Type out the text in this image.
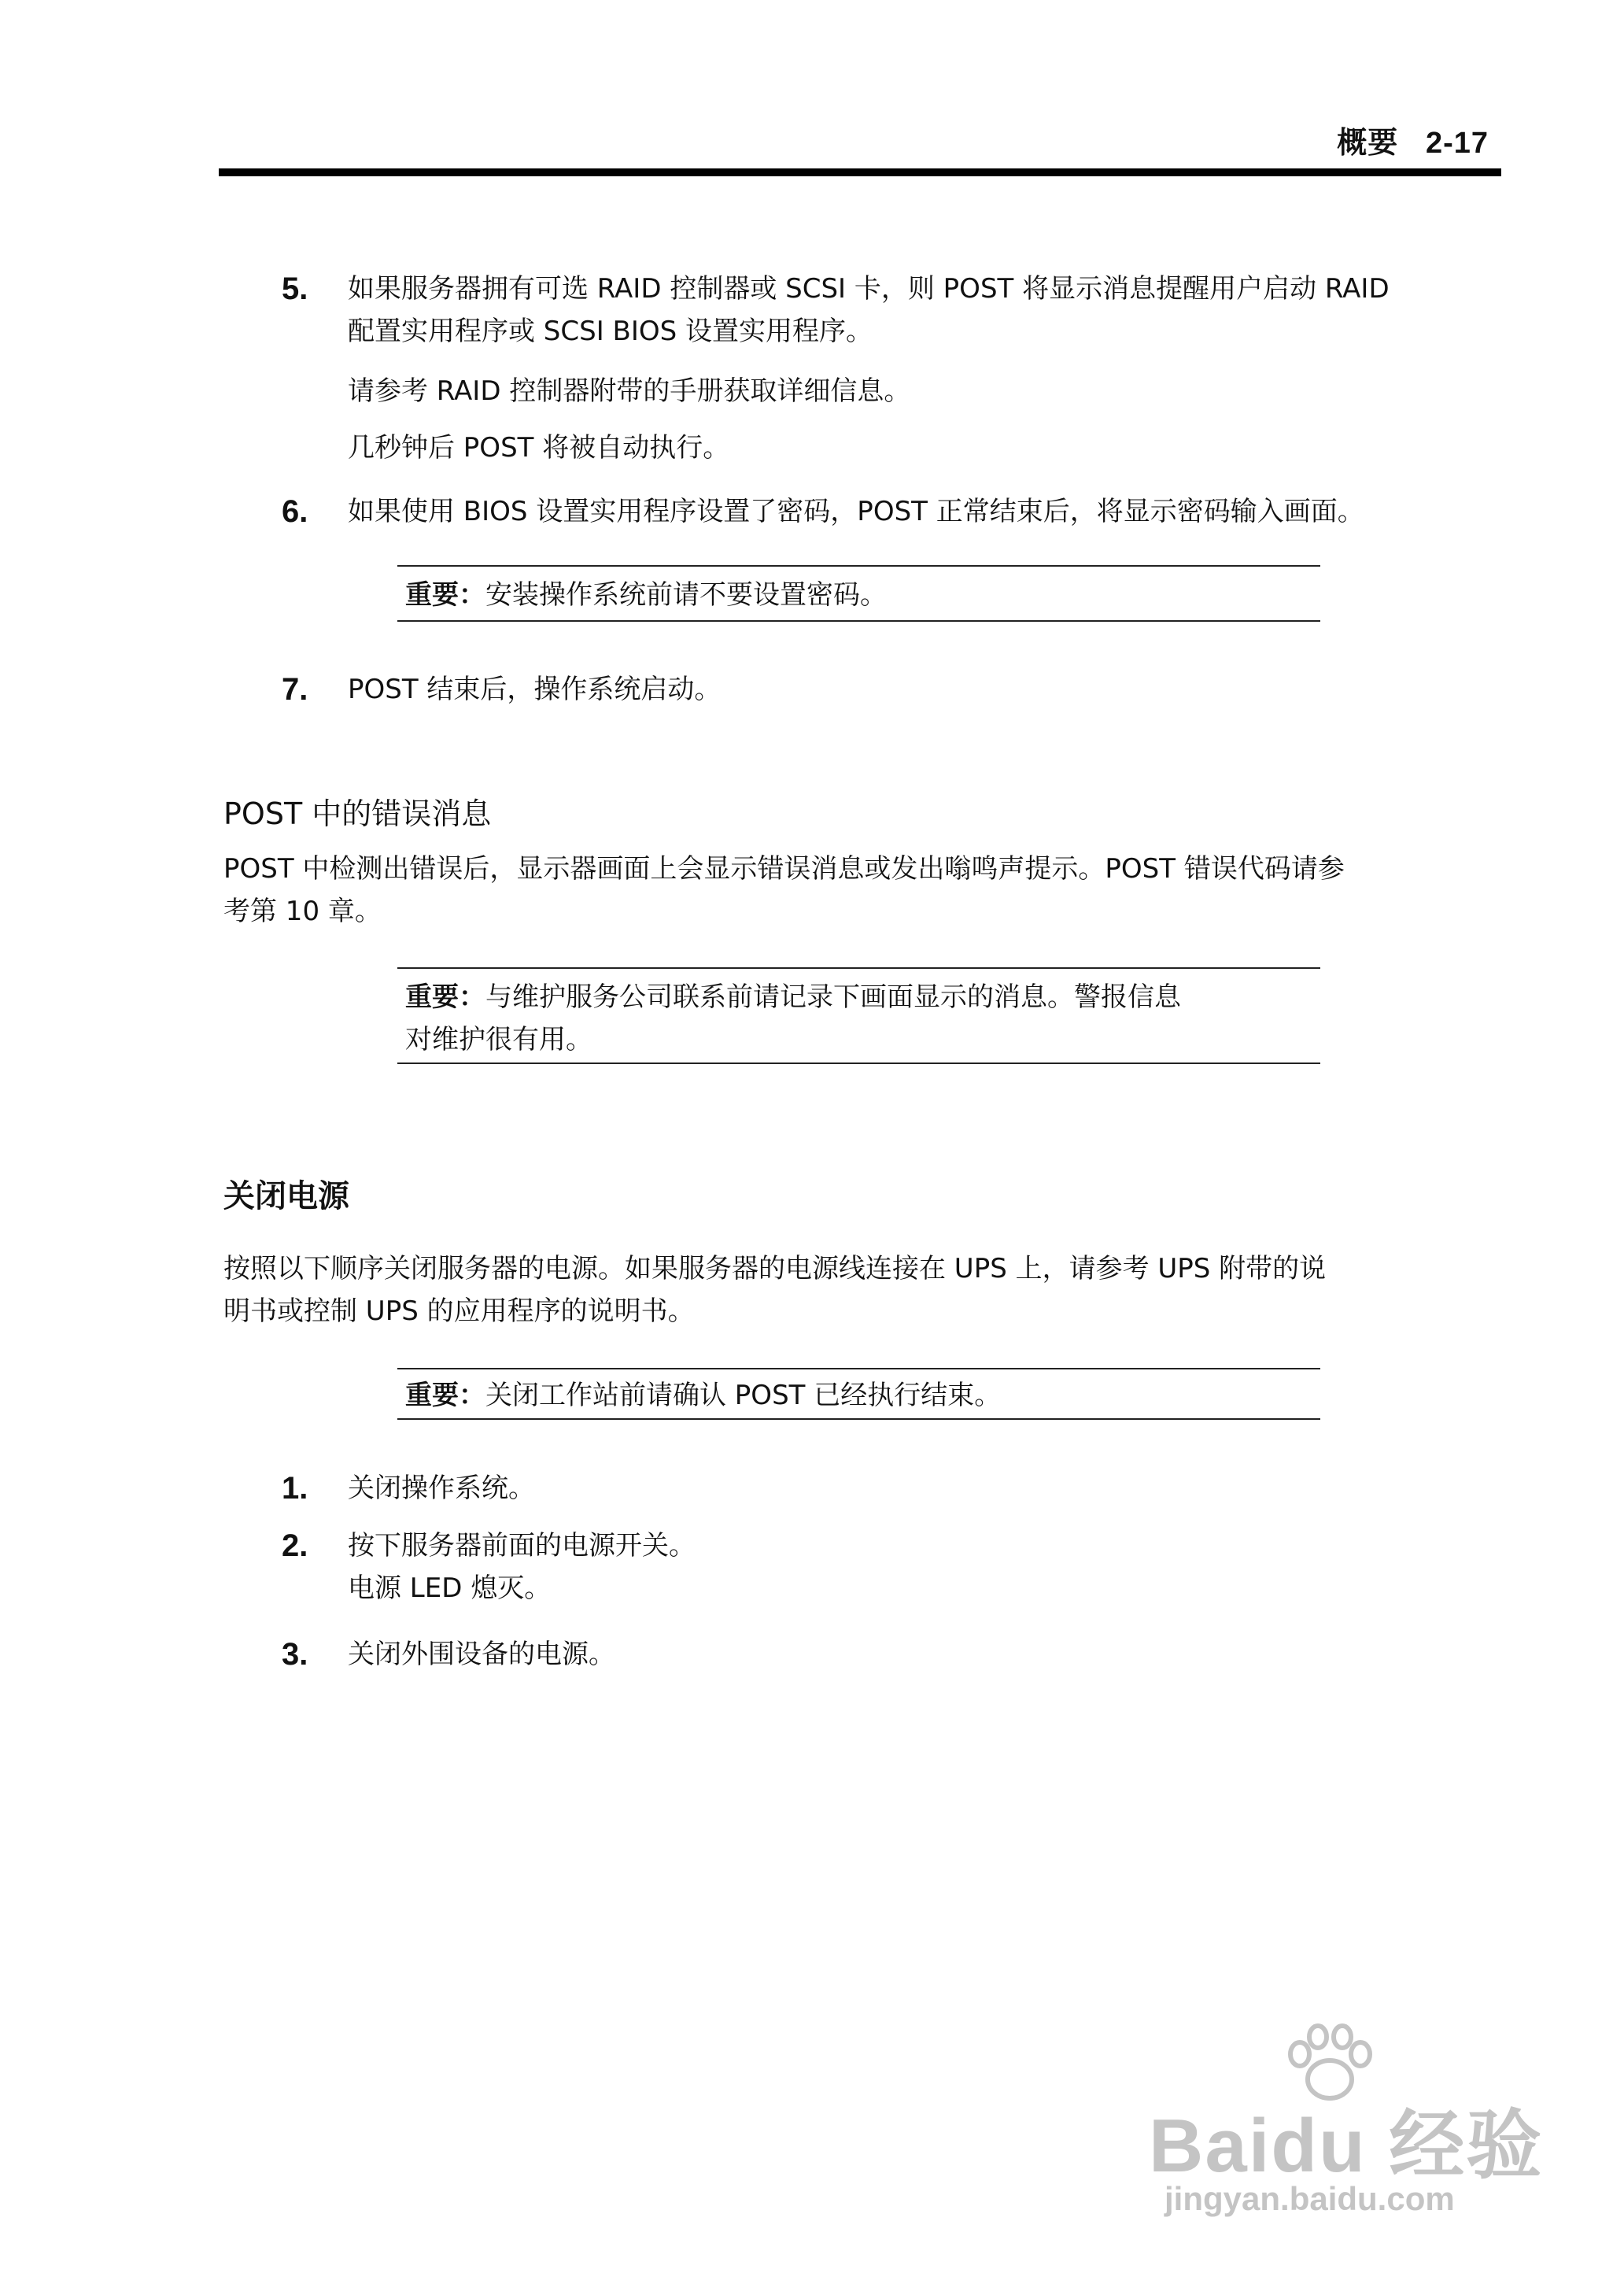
概要 2-17
5. 如果服务器拥有可选 RAID 控制器或 SCSI 卡，则 POST 将显示消息提醒用户启动 RAID
配置实用程序或 SCSI BIOS 设置实用程序。
请参考 RAID 控制器附带的手册获取详细信息。
几秒钟后 POST 将被自动执行。
6. 如果使用 BIOS 设置实用程序设置了密码，POST 正常结束后，将显示密码输入画面。
重要：安装操作系统前请不要设置密码。
7. POST 结束后，操作系统启动。
POST 中的错误消息
POST 中检测出错误后，显示器画面上会显示错误消息或发出嗡鸣声提示。POST 错误代码请参
考第 10 章。
重要：与维护服务公司联系前请记录下画面显示的消息。警报信息
对维护很有用。
关闭电源
按照以下顺序关闭服务器的电源。如果服务器的电源线连接在 UPS 上，请参考 UPS 附带的说
明书或控制 UPS 的应用程序的说明书。
重要：关闭工作站前请确认 POST 已经执行结束。
1. 关闭操作系统。
2. 按下服务器前面的电源开关。
电源 LED 熄灭。
3. 关闭外围设备的电源。
Baidu 经验
jingyan.baidu.com
